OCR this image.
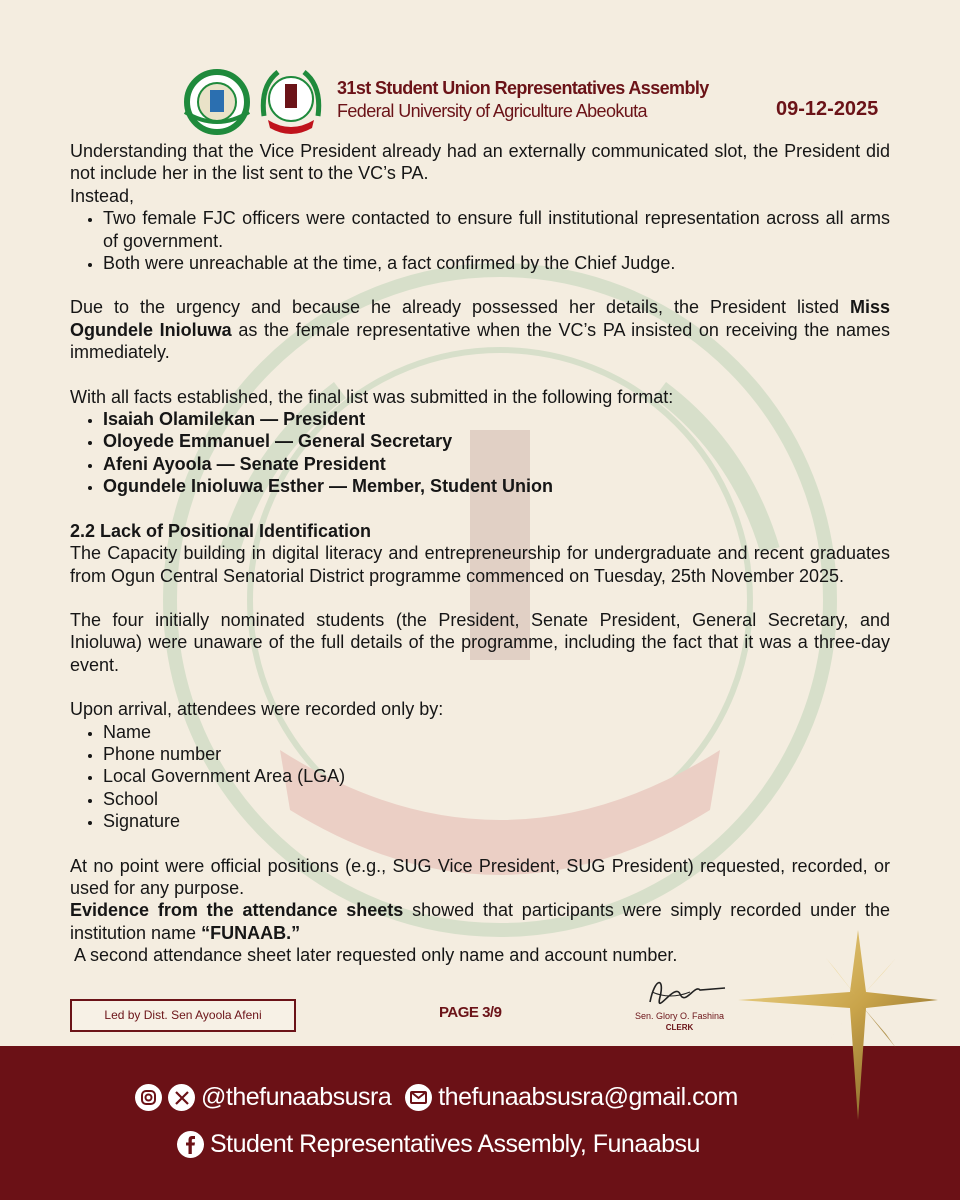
31st Student Union Representatives Assembly
Federal University of Agriculture Abeokuta	09-12-2025

Understanding that the Vice President already had an externally communicated slot, the President did not include her in the list sent to the VC’s PA.
Instead,

• Two female FJC officers were contacted to ensure full institutional representation across all arms of government.
• Both were unreachable at the time, a fact confirmed by the Chief Judge.

Due to the urgency and because he already possessed her details, the President listed Miss Ogundele Inioluwa as the female representative when the VC’s PA insisted on receiving the names immediately.

With all facts established, the final list was submitted in the following format:

• Isaiah Olamilekan — President
• Oloyede Emmanuel — General Secretary
• Afeni Ayoola — Senate President
• Ogundele Inioluwa Esther — Member, Student Union

2.2 Lack of Positional Identification

The Capacity building in digital literacy and entrepreneurship for undergraduate and recent graduates from Ogun Central Senatorial District programme commenced on Tuesday, 25th November 2025.

The four initially nominated students (the President, Senate President, General Secretary, and Inioluwa) were unaware of the full details of the programme, including the fact that it was a three-day event.

Upon arrival, attendees were recorded only by:

• Name
• Phone number
• Local Government Area (LGA)
• School
• Signature

At no point were official positions (e.g., SUG Vice President, SUG President) requested, recorded, or used for any purpose.

Evidence from the attendance sheets showed that participants were simply recorded under the institution name “FUNAAB.”

A second attendance sheet later requested only name and account number.

Led by Dist. Sen Ayoola Afeni	PAGE 3/9	Sen. Glory O. Fashina
CLERK
@thefunaabsusra thefunaabsusra@gmail.com
Student Representatives Assembly, Funaabsu
